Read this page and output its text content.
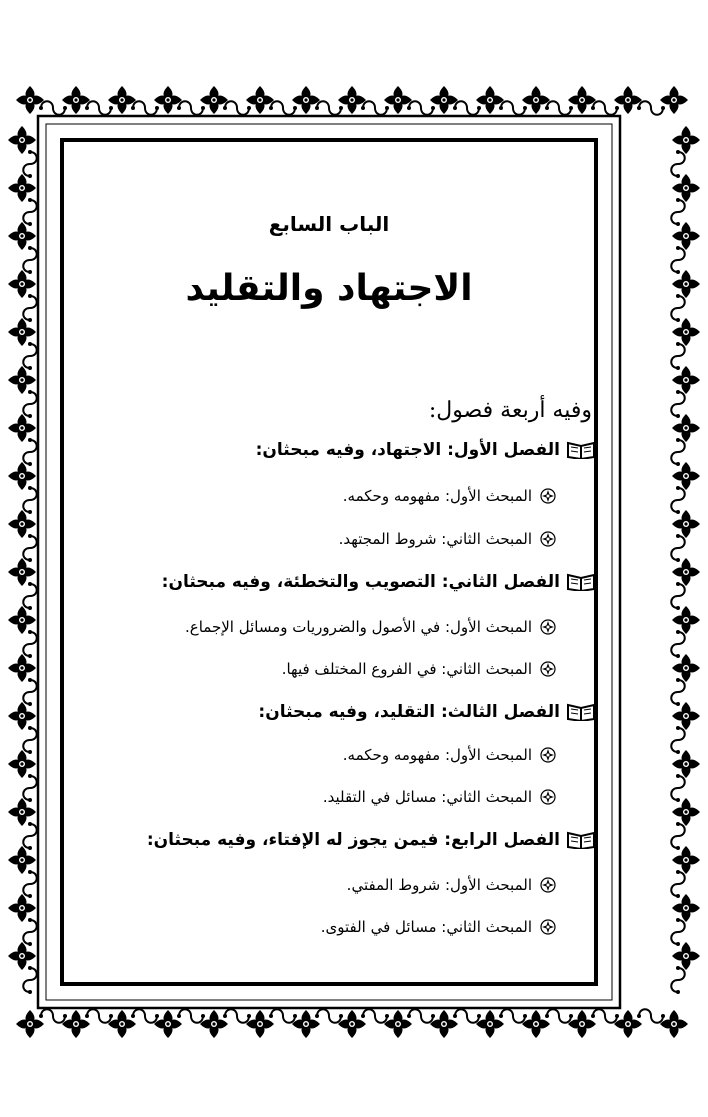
الباب السابع
الاجتهاد والتقليد
وفيه أربعة فصول:
الفصل الأول: الاجتهاد، وفيه مبحثان:
المبحث الأول: مفهومه وحكمه.
المبحث الثاني: شروط المجتهد.
الفصل الثاني: التصويب والتخطئة، وفيه مبحثان:
المبحث الأول: في الأصول والضروريات ومسائل الإجماع.
المبحث الثاني: في الفروع المختلف فيها.
الفصل الثالث: التقليد، وفيه مبحثان:
المبحث الأول: مفهومه وحكمه.
المبحث الثاني: مسائل في التقليد.
الفصل الرابع: فيمن يجوز له الإفتاء، وفيه مبحثان:
المبحث الأول: شروط المفتي.
المبحث الثاني: مسائل في الفتوى.
